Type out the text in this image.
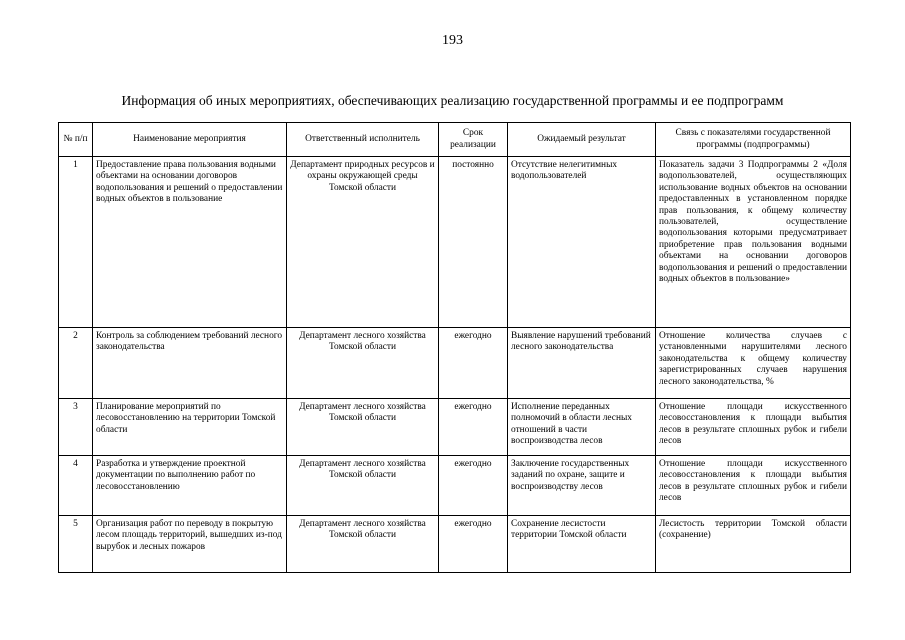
193
Информация об иных мероприятиях, обеспечивающих реализацию государственной программы и ее подпрограмм
№ п/п	Наименование мероприятия	Ответственный исполнитель	Срок реализации	Ожидаемый результат	Связь с показателями государственной программы (подпрограммы)
1	Предоставление права пользования водными объектами на основании договоров водопользования и решений о предоставлении водных объектов в пользование	Департамент природных ресурсов и охраны окружающей среды Томской области	постоянно	Отсутствие нелегитимных водопользователей	Показатель задачи 3 Подпрограммы 2 «Доля водопользователей, осуществляющих использование водных объектов на основании предоставленных в установленном порядке прав пользования, к общему количеству пользователей, осуществление водопользования которыми предусматривает приобретение прав пользования водными объектами на основании договоров водопользования и решений о предоставлении водных объектов в пользование»
2	Контроль за соблюдением требований лесного законодательства	Департамент лесного хозяйства Томской области	ежегодно	Выявление нарушений требований лесного законодательства	Отношение количества случаев с установленными нарушителями лесного законодательства к общему количеству зарегистрированных случаев нарушения лесного законодательства, %
3	Планирование мероприятий по лесовосстановлению на территории Томской области	Департамент лесного хозяйства Томской области	ежегодно	Исполнение переданных полномочий в области лесных отношений в части воспроизводства лесов	Отношение площади искусственного лесовосстановления к площади выбытия лесов в результате сплошных рубок и гибели лесов
4	Разработка и утверждение проектной документации по выполнению работ по лесовосстановлению	Департамент лесного хозяйства Томской области	ежегодно	Заключение государственных заданий по охране, защите и воспроизводству лесов	Отношение площади искусственного лесовосстановления к площади выбытия лесов в результате сплошных рубок и гибели лесов
5	Организация работ по переводу в покрытую лесом площадь территорий, вышедших из-под вырубок и лесных пожаров	Департамент лесного хозяйства Томской области	ежегодно	Сохранение лесистости территории Томской области	Лесистость территории Томской области (сохранение)
